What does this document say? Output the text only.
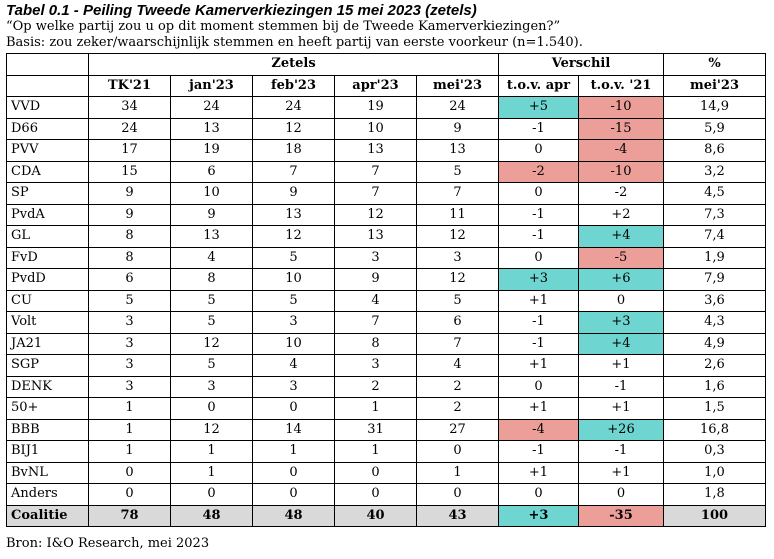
Tabel 0.1 - Peiling Tweede Kamerverkiezingen 15 mei 2023 (zetels)
“Op welke partij zou u op dit moment stemmen bij de Tweede Kamerverkiezingen?”
Basis: zou zeker/waarschijnlijk stemmen en heeft partij van eerste voorkeur (n=1.540).
	Zetels					Verschil		%
	TK'21	jan'23	feb'23	apr'23	mei'23	t.o.v. apr	t.o.v. '21	mei'23
VVD	34	24	24	19	24	+5	-10	14,9
D66	24	13	12	10	9	-1	-15	5,9
PVV	17	19	18	13	13	0	-4	8,6
CDA	15	6	7	7	5	-2	-10	3,2
SP	9	10	9	7	7	0	-2	4,5
PvdA	9	9	13	12	11	-1	+2	7,3
GL	8	13	12	13	12	-1	+4	7,4
FvD	8	4	5	3	3	0	-5	1,9
PvdD	6	8	10	9	12	+3	+6	7,9
CU	5	5	5	4	5	+1	0	3,6
Volt	3	5	3	7	6	-1	+3	4,3
JA21	3	12	10	8	7	-1	+4	4,9
SGP	3	5	4	3	4	+1	+1	2,6
DENK	3	3	3	2	2	0	-1	1,6
50+	1	0	0	1	2	+1	+1	1,5
BBB	1	12	14	31	27	-4	+26	16,8
BIJ1	1	1	1	1	0	-1	-1	0,3
BvNL	0	1	0	0	1	+1	+1	1,0
Anders	0	0	0	0	0	0	0	1,8
Coalitie	78	48	48	40	43	+3	-35	100
Bron: I&O Research, mei 2023
